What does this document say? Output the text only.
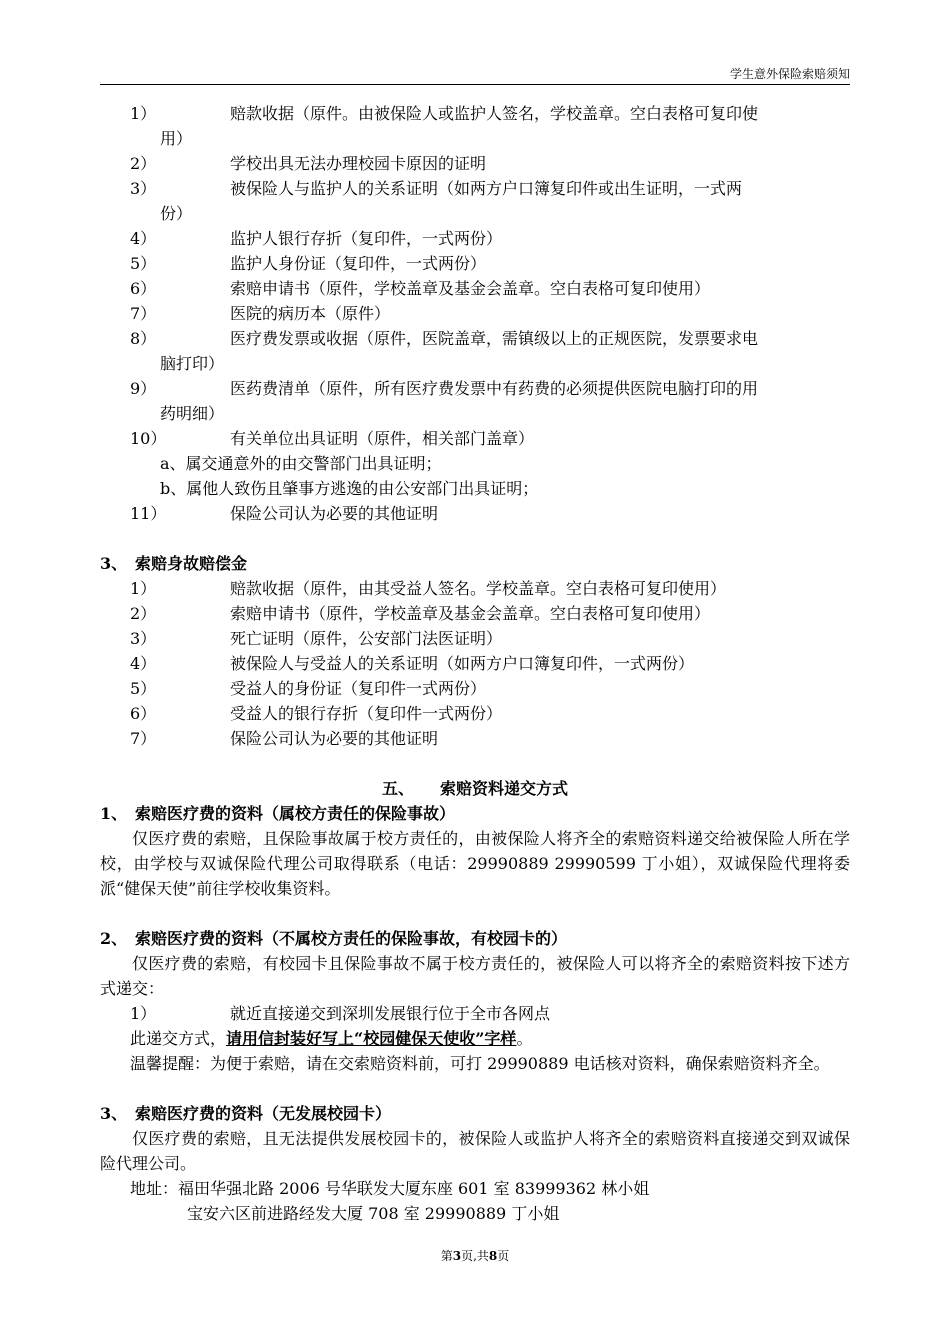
学生意外保险索赔须知
1）	赔款收据（原件。由被保险人或监护人签名，学校盖章。空白表格可复印使
用）
2）	学校出具无法办理校园卡原因的证明
3）	被保险人与监护人的关系证明（如两方户口簿复印件或出生证明，一式两
份）
4）	监护人银行存折（复印件，一式两份）
5）	监护人身份证（复印件，一式两份）
6）	索赔申请书（原件，学校盖章及基金会盖章。空白表格可复印使用）
7）	医院的病历本（原件）
8）	医疗费发票或收据（原件，医院盖章，需镇级以上的正规医院，发票要求电
脑打印）
9）	医药费清单（原件，所有医疗费发票中有药费的必须提供医院电脑打印的用
药明细）
10）	有关单位出具证明（原件，相关部门盖章）
a、属交通意外的由交警部门出具证明；
b、属他人致伤且肇事方逃逸的由公安部门出具证明；
11）	保险公司认为必要的其他证明
3、 索赔身故赔偿金
1）	赔款收据（原件，由其受益人签名。学校盖章。空白表格可复印使用）
2）	索赔申请书（原件，学校盖章及基金会盖章。空白表格可复印使用）
3）	死亡证明（原件，公安部门法医证明）
4）	被保险人与受益人的关系证明（如两方户口簿复印件，一式两份）
5）	受益人的身份证（复印件一式两份）
6）	受益人的银行存折（复印件一式两份）
7）	保险公司认为必要的其他证明
五、 索赔资料递交方式
1、 索赔医疗费的资料（属校方责任的保险事故）
仅医疗费的索赔，且保险事故属于校方责任的，由被保险人将齐全的索赔资料递交给被保险人所在学校，由学校与双诚保险代理公司取得联系（电话：29990889 29990599 丁小姐），双诚保险代理将委派“健保天使”前往学校收集资料。
2、 索赔医疗费的资料（不属校方责任的保险事故，有校园卡的）
仅医疗费的索赔，有校园卡且保险事故不属于校方责任的，被保险人可以将齐全的索赔资料按下述方式递交：
1）	就近直接递交到深圳发展银行位于全市各网点
此递交方式，请用信封装好写上“校园健保天使收”字样。
温馨提醒：为便于索赔，请在交索赔资料前，可打 29990889 电话核对资料，确保索赔资料齐全。
3、 索赔医疗费的资料（无发展校园卡）
仅医疗费的索赔，且无法提供发展校园卡的，被保险人或监护人将齐全的索赔资料直接递交到双诚保险代理公司。
地址：福田华强北路 2006 号华联发大厦东座 601 室 83999362 林小姐
宝安六区前进路经发大厦 708 室 29990889 丁小姐
第3页,共8页
